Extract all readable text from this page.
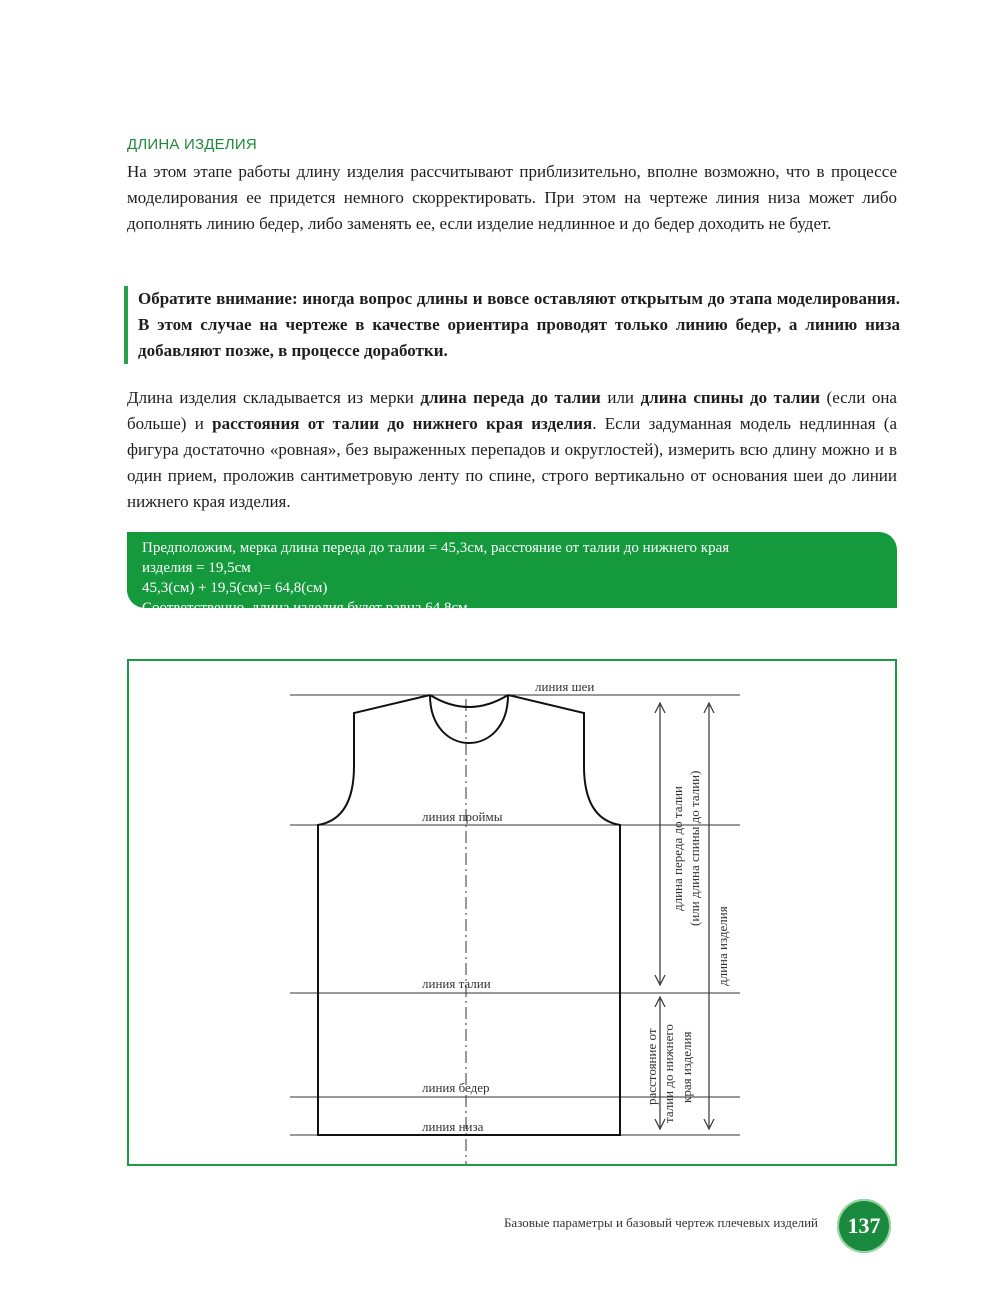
ДЛИНА ИЗДЕЛИЯ

На этом этапе работы длину изделия рассчитывают приблизительно, вполне возможно, что в процессе моделирования ее придется немного скорректировать. При этом на чертеже линия низа может либо дополнять линию бедер, либо заменять ее, если изделие недлинное и до бедер доходить не будет.

Обратите внимание: иногда вопрос длины и вовсе оставляют открытым до этапа моделирования. В этом случае на чертеже в качестве ориентира проводят только линию бедер, а линию низа добавляют позже, в процессе доработки.

Длина изделия складывается из мерки длина переда до талии или длина спины до талии (если она больше) и расстояния от талии до нижнего края изделия. Если задуманная модель недлинная (а фигура достаточно «ровная», без выраженных перепадов и округлостей), измерить всю длину можно и в один прием, проложив сантиметровую ленту по спине, строго вертикально от основания шеи до линии нижнего края изделия.

Предположим, мерка длина переда до талии = 45,3см, расстояние от талии до нижнего края
изделия = 19,5см
45,3(см) + 19,5(см)= 64,8(см)
Соответственно, длина изделия будет равна 64,8см.
линия шеи
линия проймы
линия талии
линия бедер
линия низа
длина переда до талии (или длина спины до талии)
длина изделия
расстояние от талии до нижнего края изделия
Базовые параметры и базовый чертеж плечевых изделий	137
